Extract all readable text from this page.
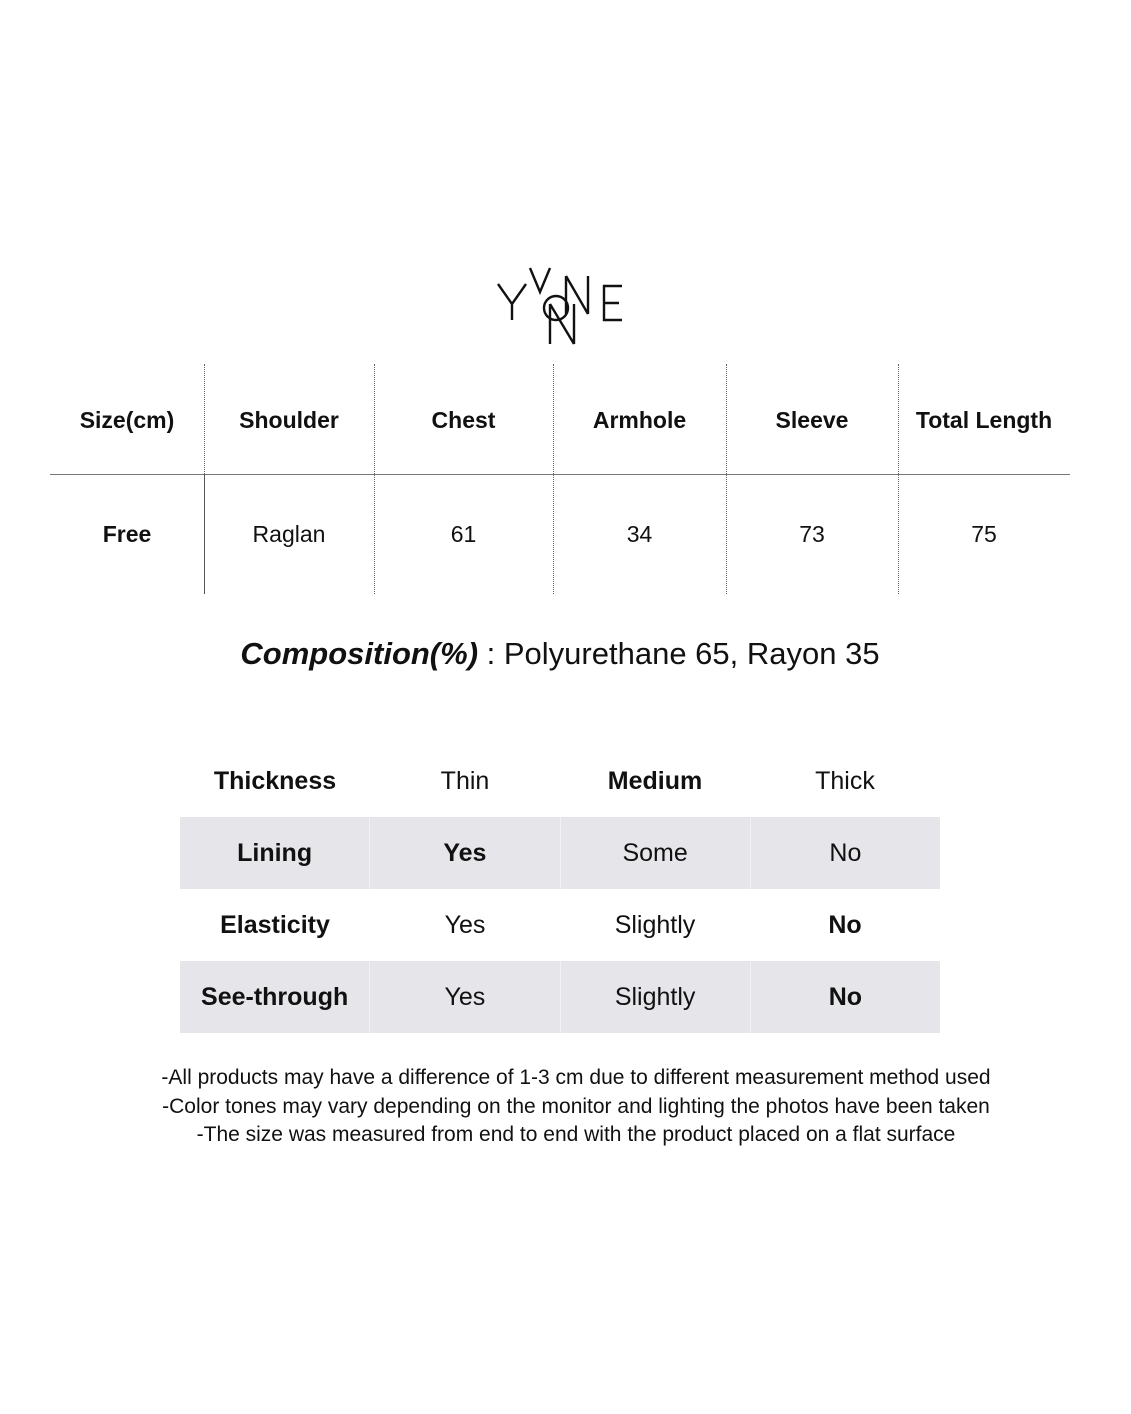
Size(cm)	Shoulder	Chest	Armhole	Sleeve	Total Length
Free	Raglan	61	34	73	75
Composition(%) : Polyurethane 65, Rayon 35
Thickness	Thin	Medium	Thick
Lining	Yes	Some	No
Elasticity	Yes	Slightly	No
See-through	Yes	Slightly	No
-All products may have a difference of 1-3 cm due to different measurement method used
-Color tones may vary depending on the monitor and lighting the photos have been taken
-The size was measured from end to end with the product placed on a flat surface
